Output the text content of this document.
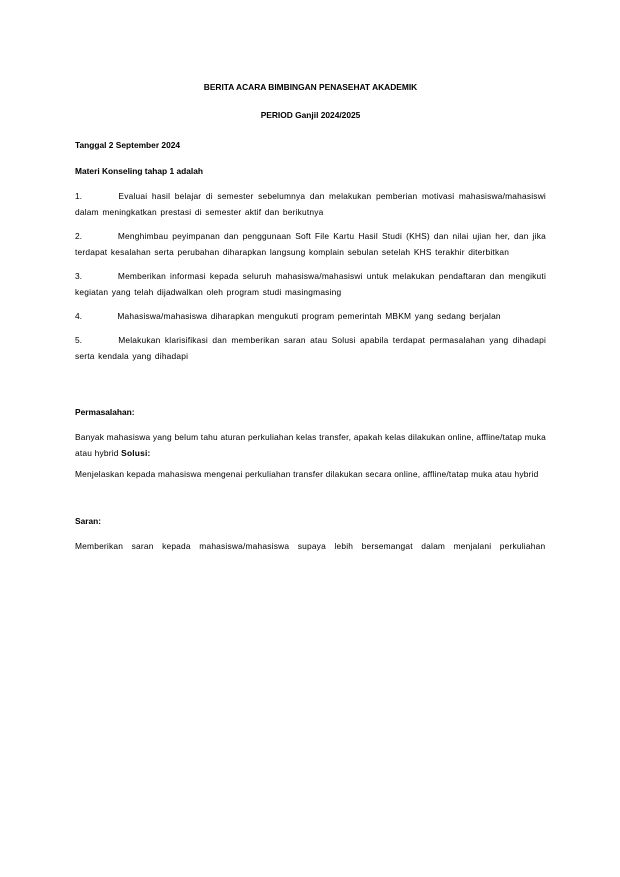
BERITA ACARA BIMBINGAN PENASEHAT AKADEMIK

PERIOD Ganjil 2024/2025

Tanggal 2 September 2024
Materi Konseling tahap 1 adalah
1.	Evaluai hasil belajar di semester sebelumnya dan melakukan pemberian motivasi mahasiswa/mahasiswi dalam meningkatkan prestasi di semester aktif dan berikutnya
2.	Menghimbau peyimpanan dan penggunaan Soft File Kartu Hasil Studi (KHS) dan nilai ujian her, dan jika terdapat kesalahan serta perubahan diharapkan langsung komplain sebulan setelah KHS terakhir diterbitkan
3.	Memberikan informasi kepada seluruh mahasiswa/mahasiswi untuk melakukan pendaftaran dan mengikuti kegiatan yang telah dijadwalkan oleh program studi masingmasing
4.	Mahasiswa/mahasiswa diharapkan mengukuti program pemerintah MBKM yang sedang berjalan
5.	Melakukan klarisifikasi dan memberikan saran atau Solusi apabila terdapat permasalahan yang dihadapi serta kendala yang dihadapi
Permasalahan:
Banyak mahasiswa yang belum tahu aturan perkuliahan kelas transfer, apakah kelas dilakukan online, affline/tatap muka atau hybrid Solusi:
Menjelaskan kepada mahasiswa mengenai perkuliahan transfer dilakukan secara online, affline/tatap muka atau hybrid
Saran:
Memberikan saran kepada mahasiswa/mahasiswa supaya lebih bersemangat dalam menjalani perkuliahan
